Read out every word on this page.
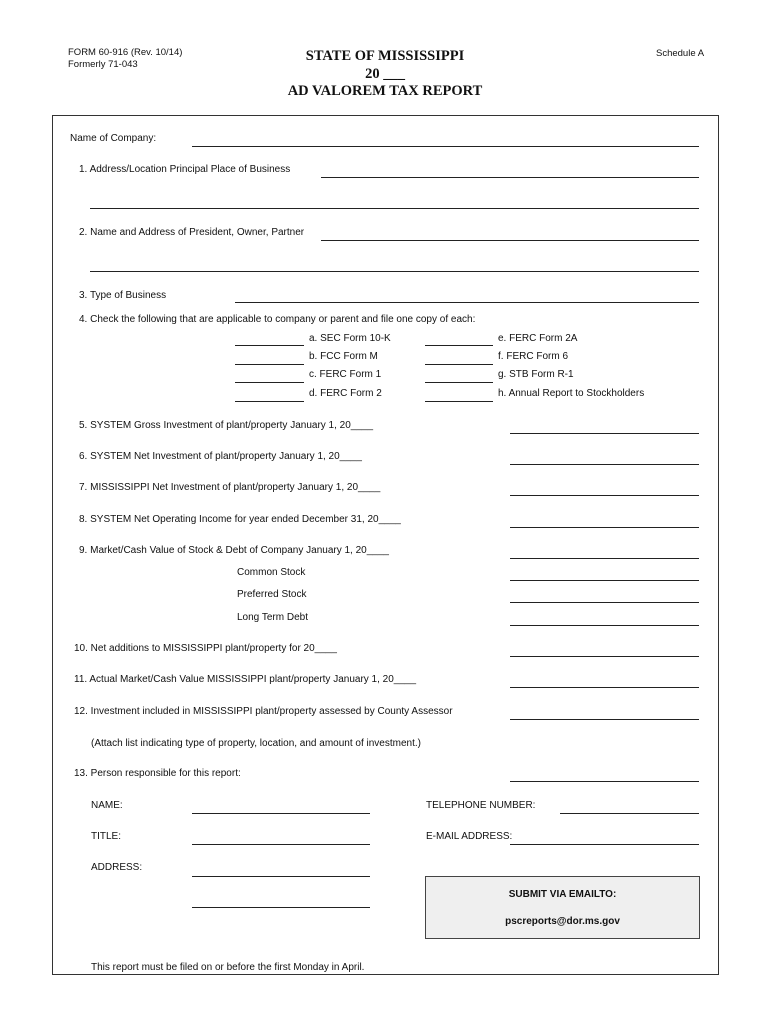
FORM 60-916 (Rev. 10/14)
Formerly 71-043
Schedule A
STATE OF MISSISSIPPI
20 ___
AD VALOREM TAX REPORT
Name of Company:
1. Address/Location Principal Place of Business
2. Name and Address of President, Owner, Partner
3. Type of Business
4. Check the following that are applicable to company or parent and file one copy of each:
a. SEC Form 10-K
b. FCC Form M
c. FERC Form 1
d. FERC Form 2
e. FERC Form 2A
f. FERC Form 6
g. STB Form R-1
h. Annual Report to Stockholders
5. SYSTEM Gross Investment of plant/property January 1, 20____
6. SYSTEM Net Investment of plant/property January 1, 20____
7. MISSISSIPPI Net Investment of plant/property January 1, 20____
8. SYSTEM Net Operating Income for year ended December 31, 20____
9. Market/Cash Value of Stock & Debt of Company January 1, 20____
Common Stock
Preferred Stock
Long Term Debt
10. Net additions to MISSISSIPPI plant/property for 20____
11. Actual Market/Cash Value MISSISSIPPI plant/property January 1, 20____
12. Investment included in MISSISSIPPI plant/property assessed by County Assessor
(Attach list indicating type of property, location, and amount of investment.)
13. Person responsible for this report:
NAME:	TELEPHONE NUMBER:
TITLE:	E-MAIL ADDRESS:
ADDRESS:
SUBMIT VIA EMAILTO:
pscreports@dor.ms.gov
This report must be filed on or before the first Monday in April.
